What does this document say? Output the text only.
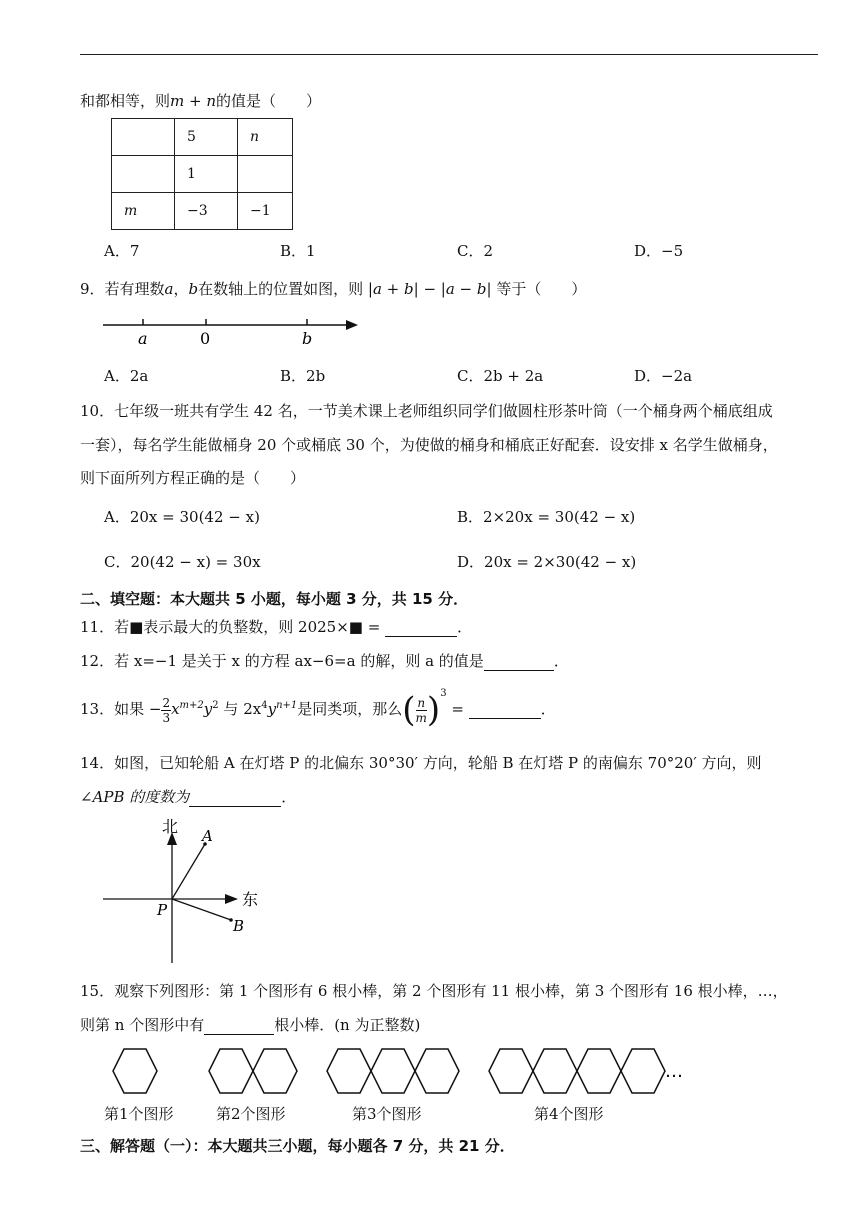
和都相等，则m + n的值是（　　）
	5	n
	1	
m	−3	−1
A．7	B．1	C．2	D．−5
9．若有理数a，b在数轴上的位置如图，则 |a + b| − |a − b| 等于（　　）
a	0	b
A．2a	B．2b	C．2b + 2a	D．−2a
10．七年级一班共有学生 42 名，一节美术课上老师组织同学们做圆柱形茶叶筒（一个桶身两个桶底组成
一套），每名学生能做桶身 20 个或桶底 30 个，为使做的桶身和桶底正好配套．设安排 x 名学生做桶身，
则下面所列方程正确的是（　　）
A．20x = 30(42 − x)	B．2×20x = 30(42 − x)
C．20(42 − x) = 30x	D．20x = 2×30(42 − x)
二、填空题：本大题共 5 小题，每小题 3 分，共 15 分．
11．若■表示最大的负整数，则 2025×■ =	．
12．若 x=−1 是关于 x 的方程 ax−6=a 的解，则 a 的值是	．
13．如果 − $\frac{2}{3} x^{m+2}y^2$ 与 $2x^4y^{n+1}$是同类项，那么( $\frac{n}{m} )^3$ =	．
14．如图，已知轮船 A 在灯塔 P 的北偏东 30°30′ 方向，轮船 B 在灯塔 P 的南偏东 70°20′ 方向，则
∠APB 的度数为	．
北
东
P
A
B
15．观察下列图形：第 1 个图形有 6 根小棒，第 2 个图形有 11 根小棒，第 3 个图形有 16 根小棒，…，
则第 n 个图形中有	根小棒．(n 为正整数)
…
第1个图形	第2个图形	第3个图形	第4个图形
三、解答题（一）：本大题共三小题，每小题各 7 分，共 21 分．
